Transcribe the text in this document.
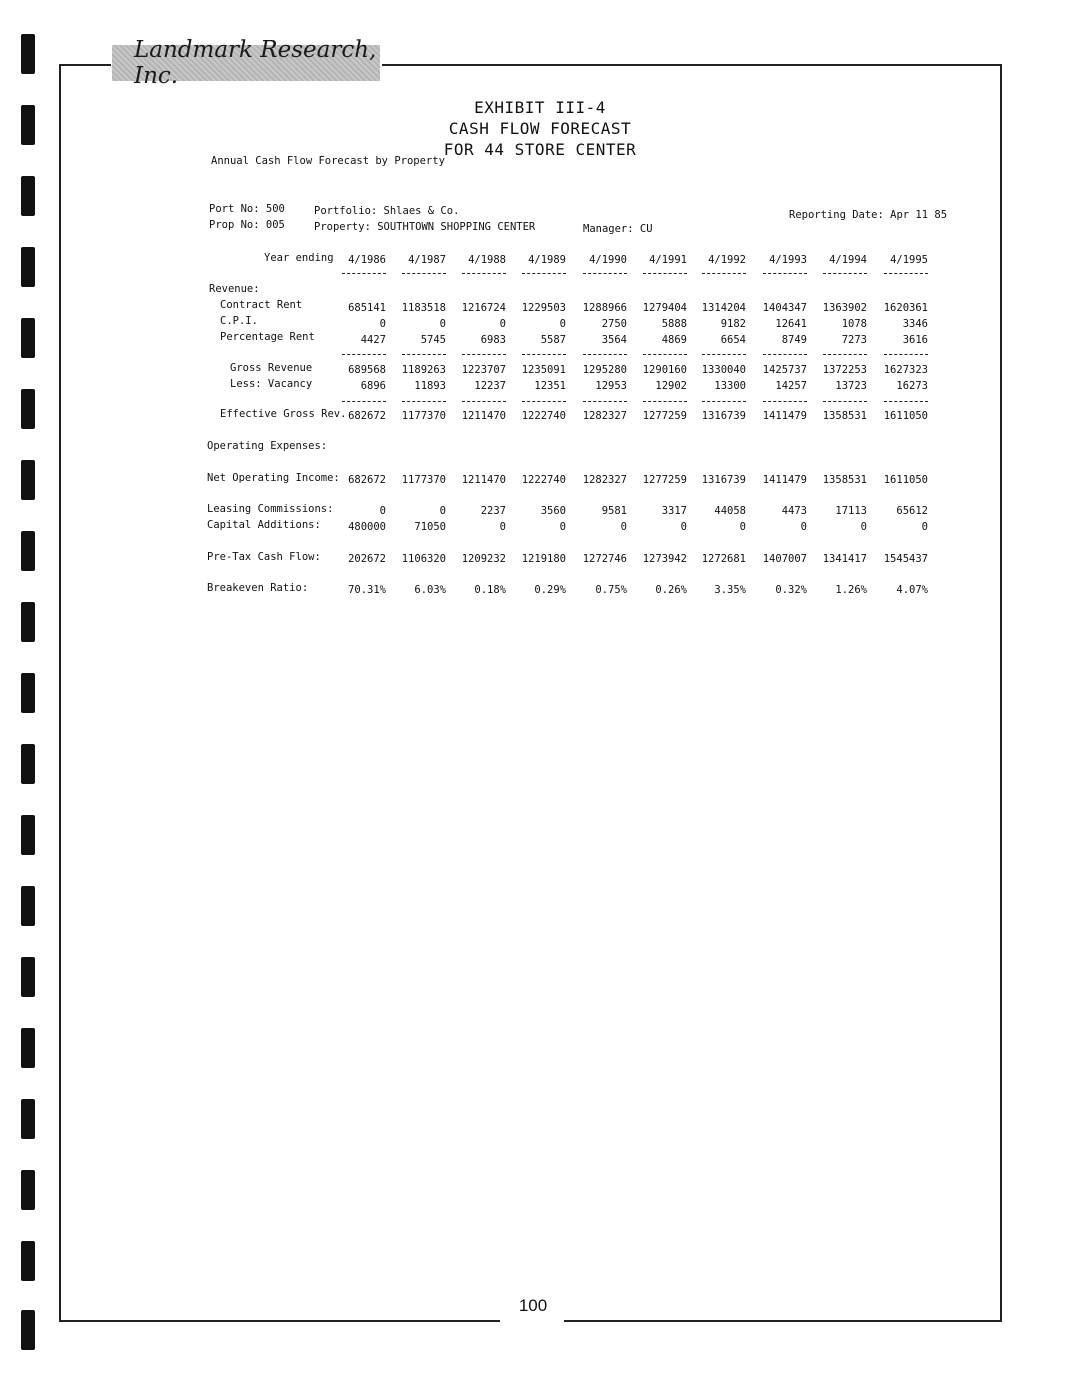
Landmark Research, Inc.
EXHIBIT III-4
CASH FLOW FORECAST
FOR 44 STORE CENTER
Annual Cash Flow Forecast by Property
Port No: 500
Prop No: 005
Portfolio: Shlaes & Co.
Property: SOUTHTOWN SHOPPING CENTER	Manager: CU
Reporting Date: Apr 11 85
Year ending	4/1986	4/1987	4/1988	4/1989	4/1990	4/1991	4/1992	4/1993	4/1994	4/1995
Revenue:
Contract Rent	685141	1183518	1216724	1229503	1288966	1279404	1314204	1404347	1363902	1620361
C.P.I.	0	0	0	0	2750	5888	9182	12641	1078	3346
Percentage Rent	4427	5745	6983	5587	3564	4869	6654	8749	7273	3616
Gross Revenue	689568	1189263	1223707	1235091	1295280	1290160	1330040	1425737	1372253	1627323
Less: Vacancy	6896	11893	12237	12351	12953	12902	13300	14257	13723	16273
Effective Gross Rev. 682672	1177370	1211470	1222740	1282327	1277259	1316739	1411479	1358531	1611050
Operating Expenses:
Net Operating Income: 682672	1177370	1211470	1222740	1282327	1277259	1316739	1411479	1358531	1611050
Leasing Commissions:	0	0	2237	3560	9581	3317	44058	4473	17113	65612
Capital Additions:	480000	71050	0	0	0	0	0	0	0	0
Pre-Tax Cash Flow:	202672	1106320	1209232	1219180	1272746	1273942	1272681	1407007	1341417	1545437
Breakeven Ratio:	70.31%	6.03%	0.18%	0.29%	0.75%	0.26%	3.35%	0.32%	1.26%	4.07%
100
